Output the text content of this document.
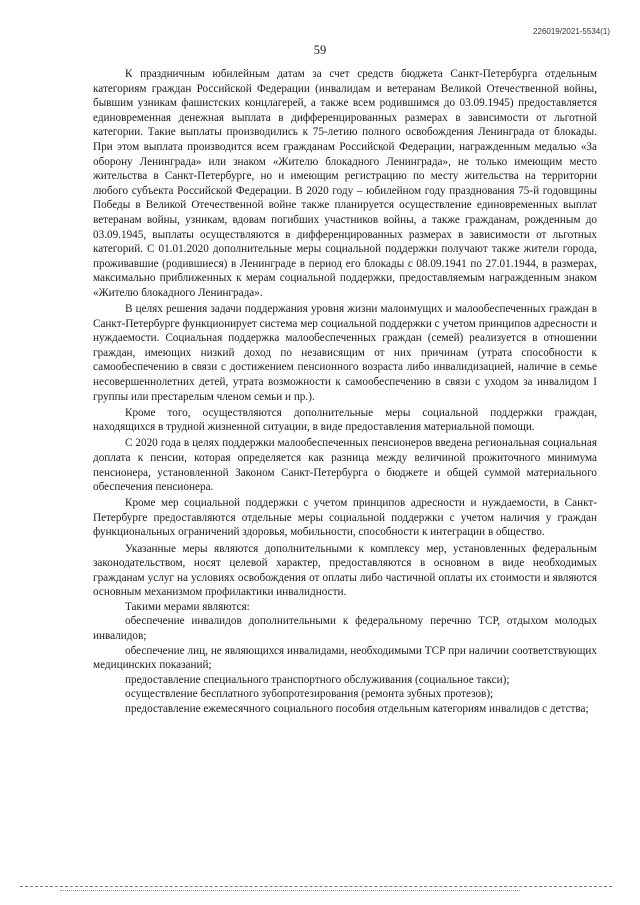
226019/2021-5534(1)
59

К праздничным юбилейным датам за счет средств бюджета Санкт-Петербурга отдельным категориям граждан Российской Федерации (инвалидам и ветеранам Великой Отечественной войны, бывшим узникам фашистских концлагерей, а также всем родившимся до 03.09.1945) предоставляется единовременная денежная выплата в дифференцированных размерах в зависимости от льготной категории. Такие выплаты производились к 75-летию полного освобождения Ленинграда от блокады. При этом выплата производится всем гражданам Российской Федерации, награжденным медалью «За оборону Ленинграда» или знаком «Жителю блокадного Ленинграда», не только имеющим место жительства в Санкт-Петербурге, но и имеющим регистрацию по месту жительства на территории любого субъекта Российской Федерации. В 2020 году – юбилейном году празднования 75-й годовщины Победы в Великой Отечественной войне также планируется осуществление единовременных выплат ветеранам войны, узникам, вдовам погибших участников войны, а также гражданам, рожденным до 03.09.1945, выплаты осуществляются в дифференцированных размерах в зависимости от льготных категорий. С 01.01.2020 дополнительные меры социальной поддержки получают также жители города, проживавшие (родившиеся) в Ленинграде в период его блокады с 08.09.1941 по 27.01.1944, в размерах, максимально приближенных к мерам социальной поддержки, предоставляемым награжденным знаком «Жителю блокадного Ленинграда».

В целях решения задачи поддержания уровня жизни малоимущих и малообеспеченных граждан в Санкт-Петербурге функционирует система мер социальной поддержки с учетом принципов адресности и нуждаемости. Социальная поддержка малообеспеченных граждан (семей) реализуется в отношении граждан, имеющих низкий доход по независящим от них причинам (утрата способности к самообеспечению в связи с достижением пенсионного возраста либо инвалидизацией, наличие в семье несовершеннолетних детей, утрата возможности к самообеспечению в связи с уходом за инвалидом I группы или престарелым членом семьи и пр.).

Кроме того, осуществляются дополнительные меры социальной поддержки граждан, находящихся в трудной жизненной ситуации, в виде предоставления материальной помощи.

С 2020 года в целях поддержки малообеспеченных пенсионеров введена региональная социальная доплата к пенсии, которая определяется как разница между величиной прожиточного минимума пенсионера, установленной Законом Санкт-Петербурга о бюджете и общей суммой материального обеспечения пенсионера.

Кроме мер социальной поддержки с учетом принципов адресности и нуждаемости, в Санкт-Петербурге предоставляются отдельные меры социальной поддержки с учетом наличия у граждан функциональных ограничений здоровья, мобильности, способности к интеграции в общество.

Указанные меры являются дополнительными к комплексу мер, установленных федеральным законодательством, носят целевой характер, предоставляются в основном в виде необходимых гражданам услуг на условиях освобождения от оплаты либо частичной оплаты их стоимости и являются основным механизмом профилактики инвалидности.

Такими мерами являются:

обеспечение инвалидов дополнительными к федеральному перечню ТСР, отдыхом молодых инвалидов;

обеспечение лиц, не являющихся инвалидами, необходимыми ТСР при наличии соответствующих медицинских показаний;

предоставление специального транспортного обслуживания (социальное такси);

осуществление бесплатного зубопротезирования (ремонта зубных протезов);

предоставление ежемесячного социального пособия отдельным категориям инвалидов с детства;
